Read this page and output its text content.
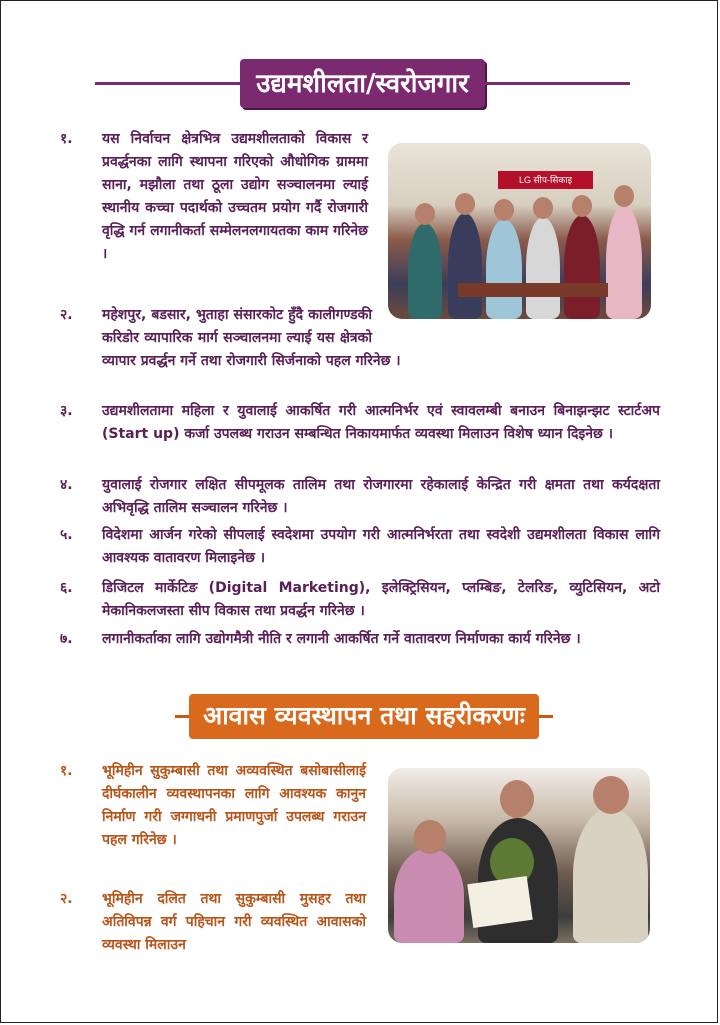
उद्यमशीलता/स्वरोजगार
१. यस निर्वाचन क्षेत्रभित्र उद्यमशीलताको विकास र प्रवर्द्धनका लागि स्थापना गरिएको औधोगिक ग्राममा साना, मझौला तथा ठूला उद्योग सञ्चालनमा ल्याई स्थानीय कच्चा पदार्थको उच्चतम प्रयोग गर्दै रोजगारी वृद्धि गर्न लगानीकर्ता सम्मेलनलगायतका काम गरिनेछ ।
२. महेशपुर, बडसार, भुताहा संसारकोट हुँदै कालीगण्डकी करिडोर व्यापारिक मार्ग सञ्चालनमा ल्याई यस क्षेत्रको व्यापार प्रवर्द्धन गर्ने तथा रोजगारी सिर्जनाको पहल गरिनेछ ।
LG सीप-सिकाइ
३. उद्यमशीलतामा महिला र युवालाई आकर्षित गरी आत्मनिर्भर एवं स्वावलम्बी बनाउन बिनाझन्झट स्टार्टअप (Start up) कर्जा उपलब्ध गराउन सम्बन्धित निकायमार्फत व्यवस्था मिलाउन विशेष ध्यान दिइनेछ ।
४. युवालाई रोजगार लक्षित सीपमूलक तालिम तथा रोजगारमा रहेकालाई केन्द्रित गरी क्षमता तथा कर्यदक्षता अभिवृद्धि तालिम सञ्चालन गरिनेछ ।
५. विदेशमा आर्जन गरेको सीपलाई स्वदेशमा उपयोग गरी आत्मनिर्भरता तथा स्वदेशी उद्यमशीलता विकास लागि आवश्यक वातावरण मिलाइनेछ ।
६. डिजिटल मार्केटिङ (Digital Marketing), इलेक्ट्रिसियन, प्लम्बिङ, टेलरिङ, व्युटिसियन, अटो मेकानिकलजस्ता सीप विकास तथा प्रवर्द्धन गरिनेछ ।
७. लगानीकर्ताका लागि उद्योगमैत्री नीति र लगानी आकर्षित गर्ने वातावरण निर्माणका कार्य गरिनेछ ।
आवास व्यवस्थापन तथा सहरीकरणः
१. भूमिहीन सुकुम्बासी तथा अव्यवस्थित बसोबासीलाई दीर्घकालीन व्यवस्थापनका लागि आवश्यक कानुन निर्माण गरी जग्गाधनी प्रमाणपुर्जा उपलब्ध गराउन पहल गरिनेछ ।
२. भूमिहीन दलित तथा सुकुम्बासी मुसहर तथा अतिविपन्न वर्ग पहिचान गरी व्यवस्थित आवासको व्यवस्था मिलाउन
